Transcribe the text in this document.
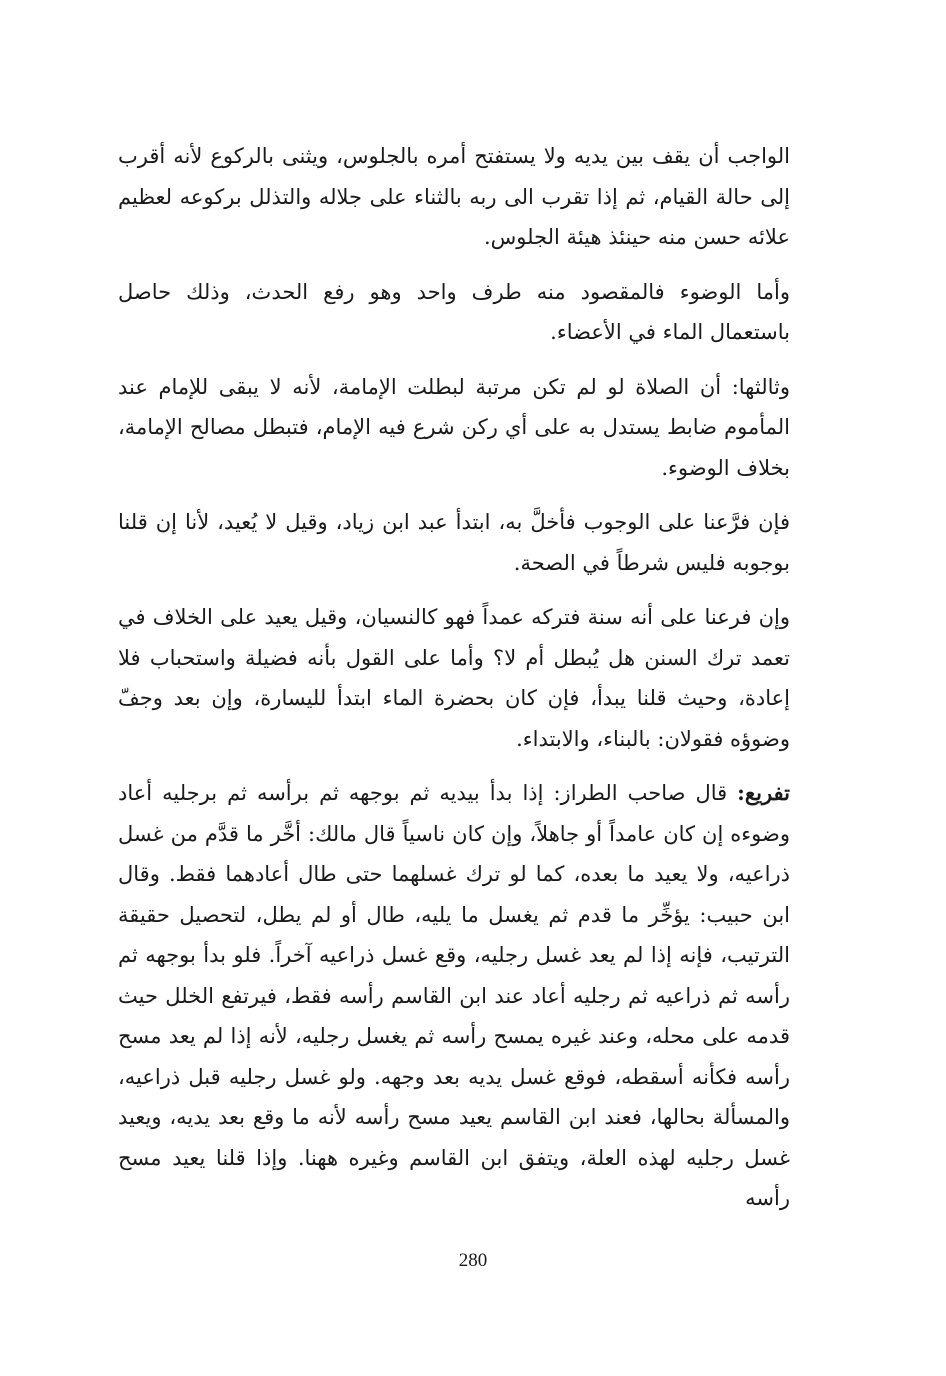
الواجب أن يقف بين يديه ولا يستفتح أمره بالجلوس، ويثنى بالركوع لأنه أقرب إلى حالة القيام، ثم إذا تقرب الى ربه بالثناء على جلاله والتذلل بركوعه لعظيم علائه حسن منه حينئذ هيئة الجلوس.

وأما الوضوء فالمقصود منه طرف واحد وهو رفع الحدث، وذلك حاصل باستعمال الماء في الأعضاء.

وثالثها: أن الصلاة لو لم تكن مرتبة لبطلت الإمامة، لأنه لا يبقى للإمام عند المأموم ضابط يستدل به على أي ركن شرع فيه الإمام، فتبطل مصالح الإمامة، بخلاف الوضوء.

فإن فرَّعنا على الوجوب فأخلَّ به، ابتدأ عبد ابن زياد، وقيل لا يُعيد، لأنا إن قلنا بوجوبه فليس شرطاً في الصحة.

وإن فرعنا على أنه سنة فتركه عمداً فهو كالنسيان، وقيل يعيد على الخلاف في تعمد ترك السنن هل يُبطل أم لا؟ وأما على القول بأنه فضيلة واستحباب فلا إعادة، وحيث قلنا يبدأ، فإن كان بحضرة الماء ابتدأ لليسارة، وإن بعد وجفّ وضوؤه فقولان: بالبناء، والابتداء.

تفريع: قال صاحب الطراز: إذا بدأ بيديه ثم بوجهه ثم برأسه ثم برجليه أعاد وضوءه إن كان عامداً أو جاهلاً، وإن كان ناسياً قال مالك: أخَّر ما قدَّم من غسل ذراعيه، ولا يعيد ما بعده، كما لو ترك غسلهما حتى طال أعادهما فقط. وقال ابن حبيب: يؤخِّر ما قدم ثم يغسل ما يليه، طال أو لم يطل، لتحصيل حقيقة الترتيب، فإنه إذا لم يعد غسل رجليه، وقع غسل ذراعيه آخراً. فلو بدأ بوجهه ثم رأسه ثم ذراعيه ثم رجليه أعاد عند ابن القاسم رأسه فقط، فيرتفع الخلل حيث قدمه على محله، وعند غيره يمسح رأسه ثم يغسل رجليه، لأنه إذا لم يعد مسح رأسه فكأنه أسقطه، فوقع غسل يديه بعد وجهه. ولو غسل رجليه قبل ذراعيه، والمسألة بحالها، فعند ابن القاسم يعيد مسح رأسه لأنه ما وقع بعد يديه، ويعيد غسل رجليه لهذه العلة، ويتفق ابن القاسم وغيره ههنا. وإذا قلنا يعيد مسح رأسه

280
